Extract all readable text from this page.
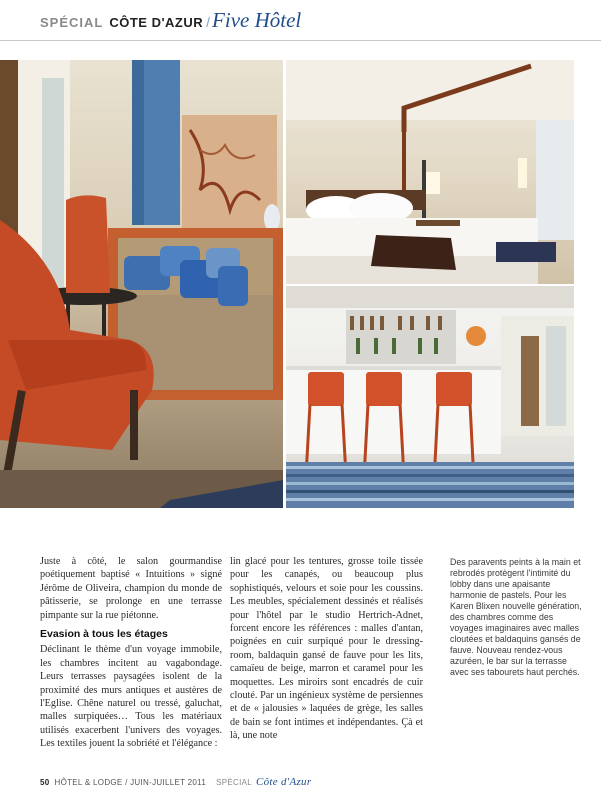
SPÉCIAL CÔTE D'AZUR / Five Hôtel

Juste à côté, le salon gourmandise poétiquement baptisé « Intuitions » signé Jérôme de Oliveira, champion du monde de pâtisserie, se prolonge en une terrasse pimpante sur la rue piétonne.

Evasion à tous les étages

Déclinant le thème d'un voyage immobile, les chambres incitent au vagabondage. Leurs terrasses paysagées isolent de la proximité des murs antiques et austères de l'Eglise. Chêne naturel ou tressé, galuchat, malles surpiquées… Tous les matériaux utilisés exacerbent l'univers des voyages. Les textiles jouent la sobriété et l'élégance :

lin glacé pour les tentures, grosse toile tissée pour les canapés, ou beaucoup plus sophistiqués, velours et soie pour les coussins. Les meubles, spécialement dessinés et réalisés pour l'hôtel par le studio Hertrich-Adnet, forcent encore les références : malles d'antan, poignées en cuir surpiqué pour le dressing-room, baldaquin gansé de fauve pour les lits, camaïeu de beige, marron et caramel pour les moquettes. Les miroirs sont encadrés de cuir clouté. Par un ingénieux système de persiennes et de « jalousies » laquées de grège, les salles de bain se font intimes et indépendantes. Çà et là, une note

Des paravents peints à la main et rebrodés protègent l'intimité du lobby dans une apaisante harmonie de pastels. Pour les Karen Blixen nouvelle génération, des chambres comme des voyages imaginaires avec malles cloutées et baldaquins gansés de fauve. Nouveau rendez-vous azuréen, le bar sur la terrasse avec ses tabourets haut perchés.
50 HÔTEL & LODGE / JUIN-JUILLET 2011 SPÉCIAL Côte d'Azur
